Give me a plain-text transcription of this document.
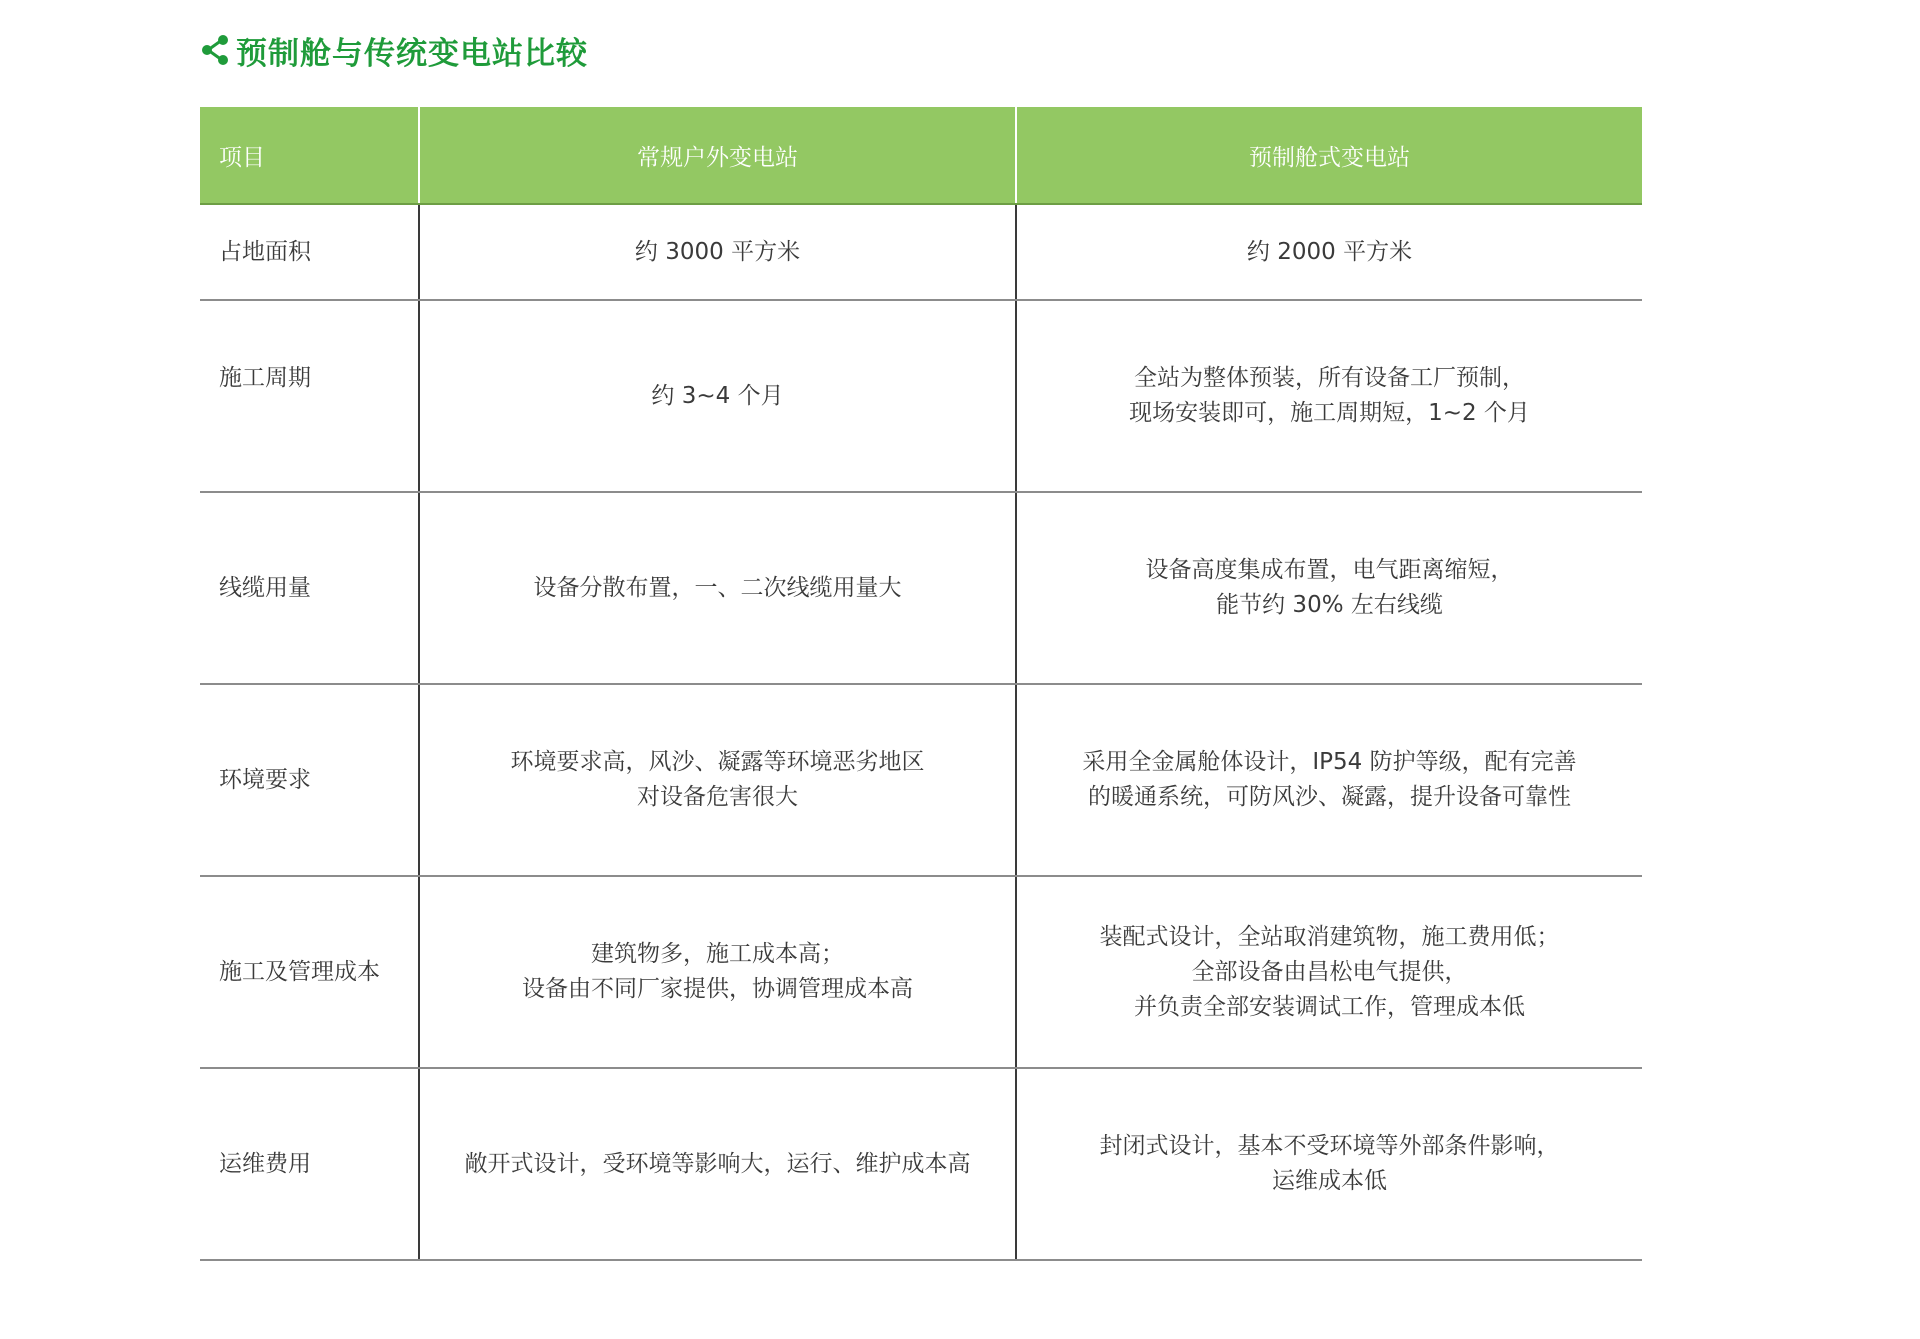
预制舱与传统变电站比较
项目	常规户外变电站	预制舱式变电站
占地面积	约 3000 平方米	约 2000 平方米

施工周期	约 3~4 个月	全站为整体预装，所有设备工厂预制，
现场安装即可，施工周期短，1~2 个月

线缆用量	设备分散布置，一、二次线缆用量大	设备高度集成布置，电气距离缩短，
能节约 30% 左右线缆

环境要求	环境要求高，风沙、凝露等环境恶劣地区
对设备危害很大	采用全金属舱体设计，IP54 防护等级，配有完善
的暖通系统，可防风沙、凝露，提升设备可靠性

施工及管理成本	建筑物多，施工成本高；
设备由不同厂家提供，协调管理成本高	装配式设计，全站取消建筑物，施工费用低；
全部设备由昌松电气提供，
并负责全部安装调试工作，管理成本低

运维费用	敞开式设计，受环境等影响大，运行、维护成本高	封闭式设计，基本不受环境等外部条件影响，
运维成本低
